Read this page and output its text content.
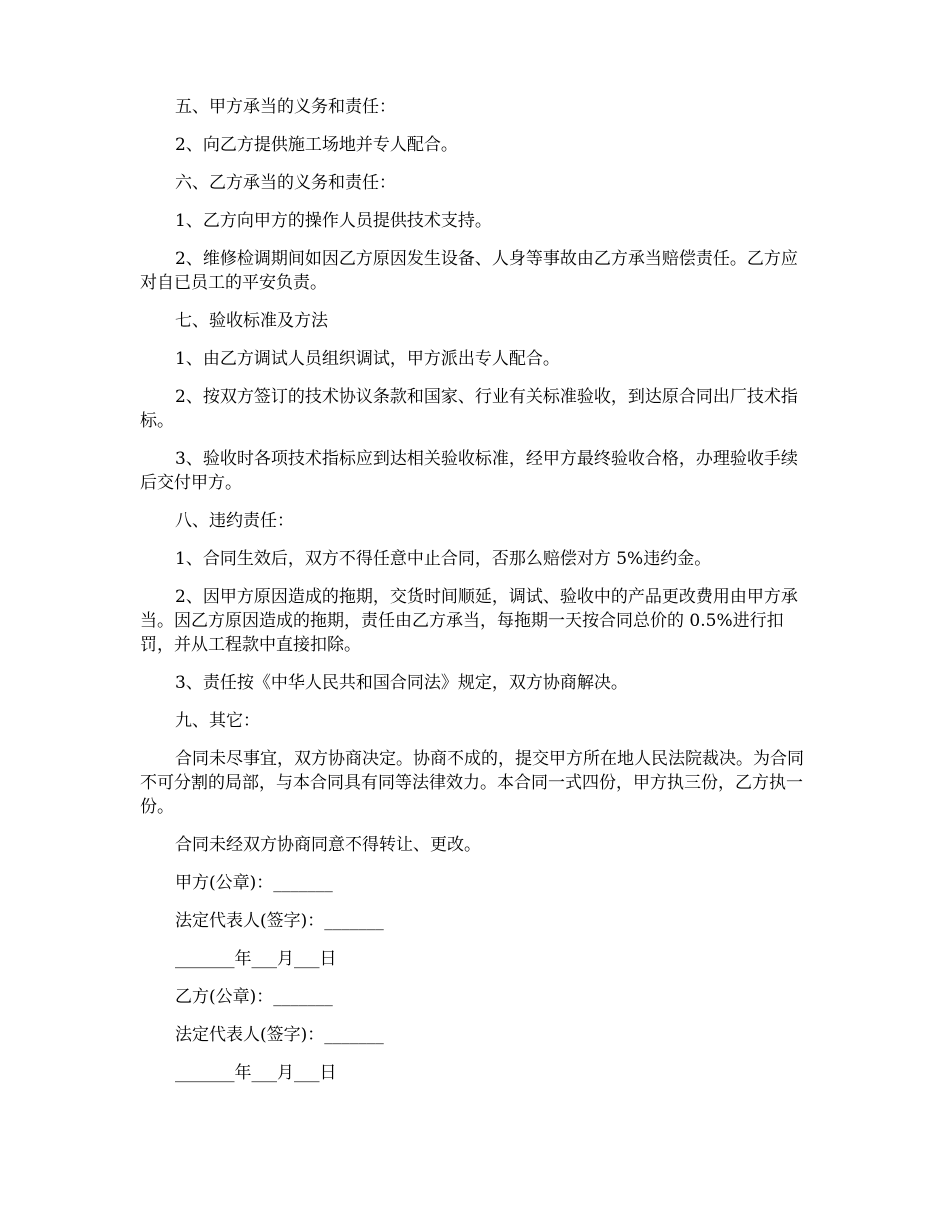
五、甲方承当的义务和责任：

2、向乙方提供施工场地并专人配合。

六、乙方承当的义务和责任：

1、乙方向甲方的操作人员提供技术支持。

2、维修检调期间如因乙方原因发生设备、人身等事故由乙方承当赔偿责任。乙方应对自已员工的平安负责。

七、验收标准及方法

1、由乙方调试人员组织调试，甲方派出专人配合。

2、按双方签订的技术协议条款和国家、行业有关标准验收，到达原合同出厂技术指标。

3、验收时各项技术指标应到达相关验收标准，经甲方最终验收合格，办理验收手续后交付甲方。

八、违约责任：

1、合同生效后，双方不得任意中止合同，否那么赔偿对方 5%违约金。

2、因甲方原因造成的拖期，交货时间顺延，调试、验收中的产品更改费用由甲方承当。因乙方原因造成的拖期，责任由乙方承当，每拖期一天按合同总价的 0.5%进行扣罚，并从工程款中直接扣除。

3、责任按《中华人民共和国合同法》规定，双方协商解决。

九、其它：

合同未尽事宜，双方协商决定。协商不成的，提交甲方所在地人民法院裁决。为合同不可分割的局部，与本合同具有同等法律效力。本合同一式四份，甲方执三份，乙方执一份。

合同未经双方协商同意不得转让、更改。

甲方(公章)：_______

法定代表人(签字)：_______

_______年___月___日

乙方(公章)：_______

法定代表人(签字)：_______

_______年___月___日
